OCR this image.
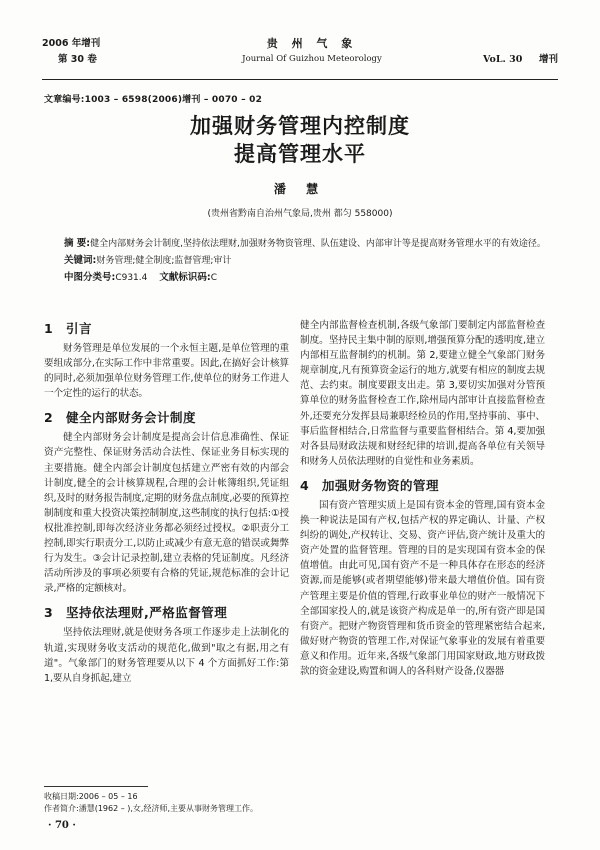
2006 年增刊
第 30 卷
贵 州 气 象
Journal Of Guizhou Meteorology	VoL. 30 增刊
文章编号:1003 – 6598(2006)增刊 – 0070 – 02
加强财务管理内控制度
提高管理水平
潘 慧
(贵州省黔南自治州气象局,贵州 都匀 558000)
摘 要:健全内部财务会计制度,坚持依法理财,加强财务物资管理、队伍建设、内部审计等是提高财务管理水平的有效途径。
关键词:财务管理;健全制度;监督管理;审计
中图分类号:C931.4 文献标识码:C
1 引言

财务管理是单位发展的一个永恒主题,是单位管理的重要组成部分,在实际工作中非常重要。因此,在搞好会计核算的同时,必须加强单位财务管理工作,使单位的财务工作进人一个定性的运行的状态。

2 健全内部财务会计制度

健全内部财务会计制度是提高会计信息准确性、保证资产完整性、保证财务活动合法性、保证业务目标实现的主要措施。健全内部会计制度包括建立严密有效的内部会计制度,健全的会计核算规程,合理的会计帐簿组织,凭证组织,及时的财务报告制度,定期的财务盘点制度,必要的预算控制制度和重大投资决策控制制度,这些制度的执行包括:①授权批准控制,即每次经济业务都必须经过授权。②职责分工控制,即实行职责分工,以防止或减少有意无意的错误或舞弊行为发生。③会计记录控制,建立表格的凭证制度。凡经济活动所涉及的事项必须要有合格的凭证,规范标准的会计记录,严格的定额核对。

3 坚持依法理财,严格监督管理

坚持依法理财,就是使财务各项工作逐步走上法制化的轨道,实现财务收支活动的规范化,做到"取之有据,用之有道"。气象部门的财务管理要从以下 4 个方面抓好工作:第 1,要从自身抓起,建立

健全内部监督检查机制,各级气象部门要制定内部监督检查制度。坚持民主集中制的原则,增强预算分配的透明度,建立内部相互监督制约的机制。第 2,要建立健全气象部门财务规章制度,凡有预算资金运行的地方,就要有相应的制度去规范、去约束。制度要跟支出走。第 3,要切实加强对分管预算单位的财务监督检查工作,除州局内部审计直接监督检查外,还要充分发挥县局兼职经检员的作用,坚持事前、事中、事后监督相结合,日常监督与重要监督相结合。第 4,要加强对各县局财政法规和财经纪律的培训,提高各单位有关领导和财务人员依法理财的自觉性和业务素质。

4 加强财务物资的管理

国有资产管理实质上是国有资本金的管理,国有资本金换一种说法是国有产权,包括产权的界定确认、计量、产权纠纷的调处,产权转让、交易、资产评估,资产统计及重大的资产处置的监督管理。管理的目的是实现国有资本金的保值增值。由此可见,国有资产不是一种具体存在形态的经济资源,而是能够(或者期望能够)带来最大增值价值。国有资产管理主要是价值的管理,行政事业单位的财产一般情况下全部国家投人的,就是该资产构成是单一的,所有资产即是国有资产。把财产物资管理和货币资金的管理紧密结合起来,做好财产物资的管理工作,对保证气象事业的发展有着重要意义和作用。近年来,各级气象部门用国家财政,地方财政拨款的资金建设,购置和调人的各科财产设备,仪器器

收稿日期:2006 – 05 – 16
作者简介:潘慧(1962 – ),女,经济师,主要从事财务管理工作。
· 70 ·
